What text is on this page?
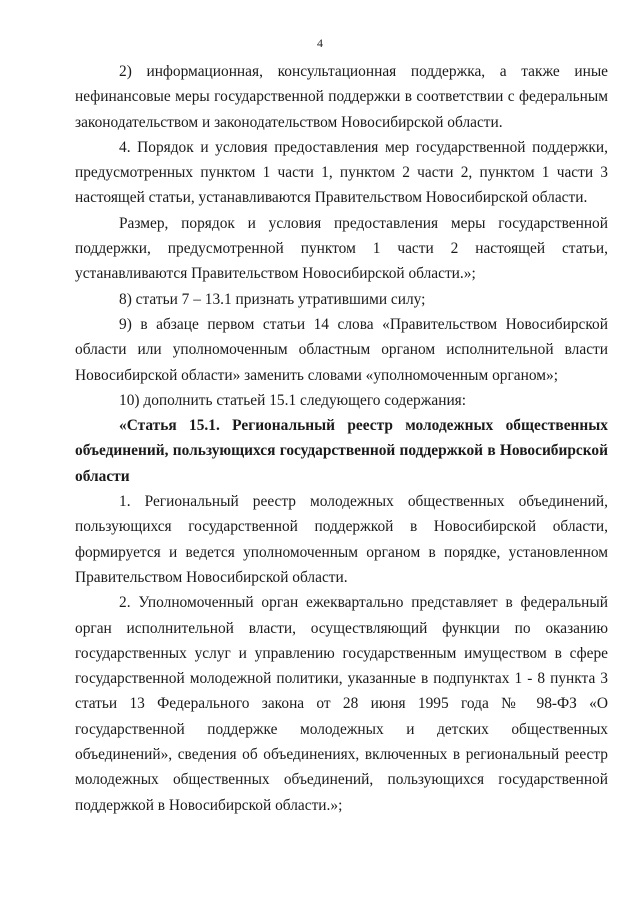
4

2) информационная, консультационная поддержка, а также иные нефинансовые меры государственной поддержки в соответствии с федеральным законодательством и законодательством Новосибирской области.

4. Порядок и условия предоставления мер государственной поддержки, предусмотренных пунктом 1 части 1, пунктом 2 части 2, пунктом 1 части 3 настоящей статьи, устанавливаются Правительством Новосибирской области.

Размер, порядок и условия предоставления меры государственной поддержки, предусмотренной пунктом 1 части 2 настоящей статьи, устанавливаются Правительством Новосибирской области.»;

8) статьи 7 – 13.1 признать утратившими силу;

9) в абзаце первом статьи 14 слова «Правительством Новосибирской области или уполномоченным областным органом исполнительной власти Новосибирской области» заменить словами «уполномоченным органом»;

10) дополнить статьей 15.1 следующего содержания:

«Статья 15.1. Региональный реестр молодежных общественных объединений, пользующихся государственной поддержкой в Новосибирской области

1. Региональный реестр молодежных общественных объединений, пользующихся государственной поддержкой в Новосибирской области, формируется и ведется уполномоченным органом в порядке, установленном Правительством Новосибирской области.

2. Уполномоченный орган ежеквартально представляет в федеральный орган исполнительной власти, осуществляющий функции по оказанию государственных услуг и управлению государственным имуществом в сфере государственной молодежной политики, указанные в подпунктах 1 - 8 пункта 3 статьи 13 Федерального закона от 28 июня 1995 года № 98-ФЗ «О государственной поддержке молодежных и детских общественных объединений», сведения об объединениях, включенных в региональный реестр молодежных общественных объединений, пользующихся государственной поддержкой в Новосибирской области.»;
